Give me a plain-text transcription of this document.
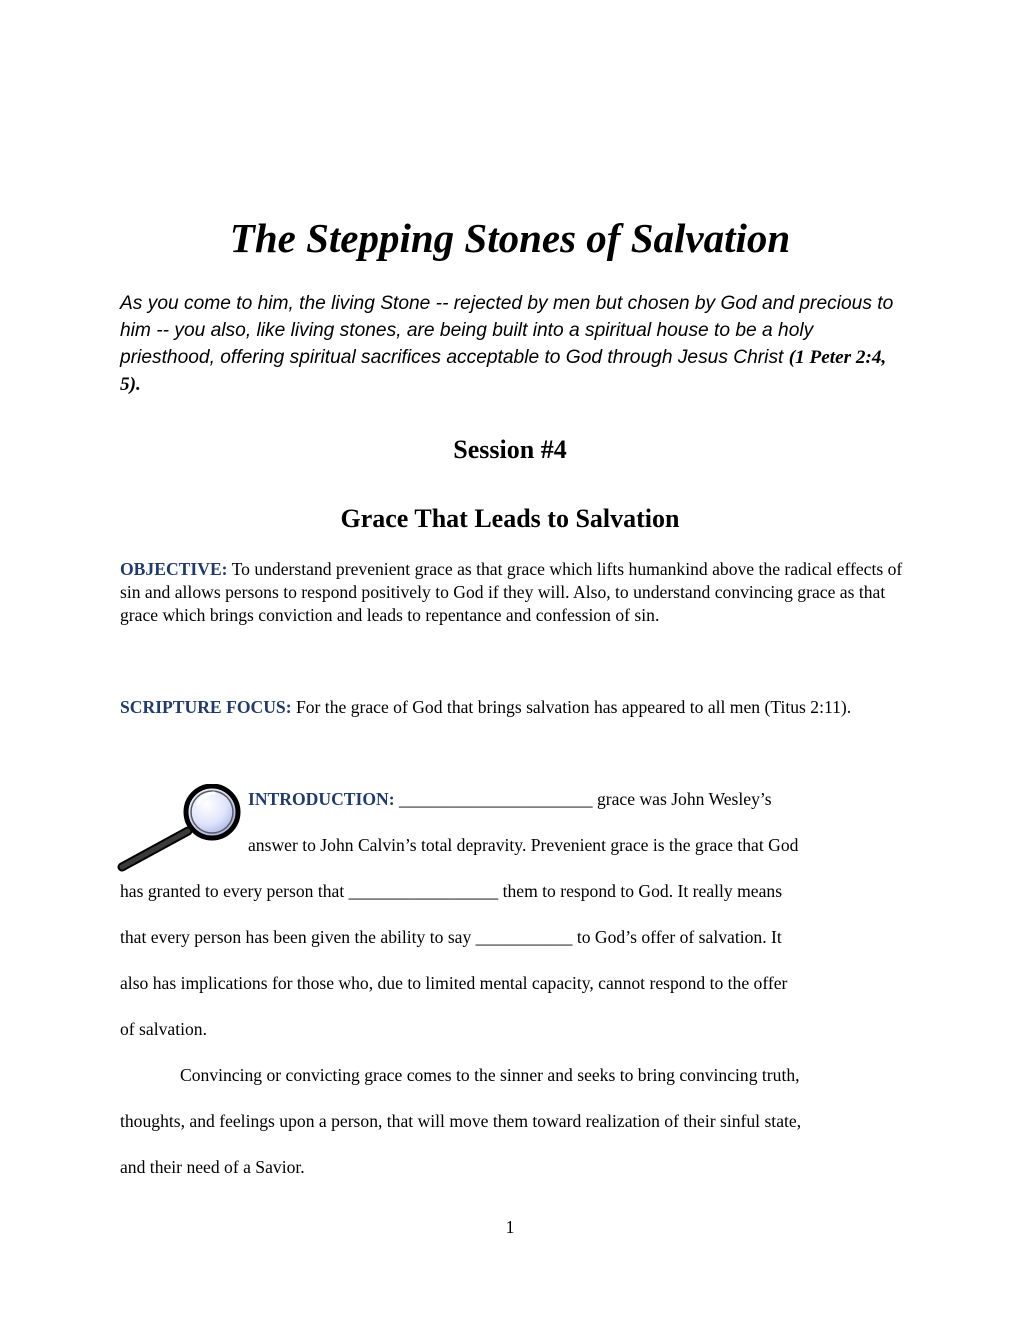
The Stepping Stones of Salvation

As you come to him, the living Stone -- rejected by men but chosen by God and precious to him -- you also, like living stones, are being built into a spiritual house to be a holy priesthood, offering spiritual sacrifices acceptable to God through Jesus Christ (1 Peter 2:4, 5).

Session #4
Grace That Leads to Salvation

OBJECTIVE: To understand prevenient grace as that grace which lifts humankind above the radical effects of sin and allows persons to respond positively to God if they will. Also, to understand convincing grace as that grace which brings conviction and leads to repentance and confession of sin.

SCRIPTURE FOCUS: For the grace of God that brings salvation has appeared to all men (Titus 2:11).

INTRODUCTION: ______________________ grace was John Wesley’s

answer to John Calvin’s total depravity. Prevenient grace is the grace that God

has granted to every person that _________________ them to respond to God. It really means

that every person has been given the ability to say ___________ to God’s offer of salvation. It

also has implications for those who, due to limited mental capacity, cannot respond to the offer

of salvation.

Convincing or convicting grace comes to the sinner and seeks to bring convincing truth,

thoughts, and feelings upon a person, that will move them toward realization of their sinful state,

and their need of a Savior.

1
